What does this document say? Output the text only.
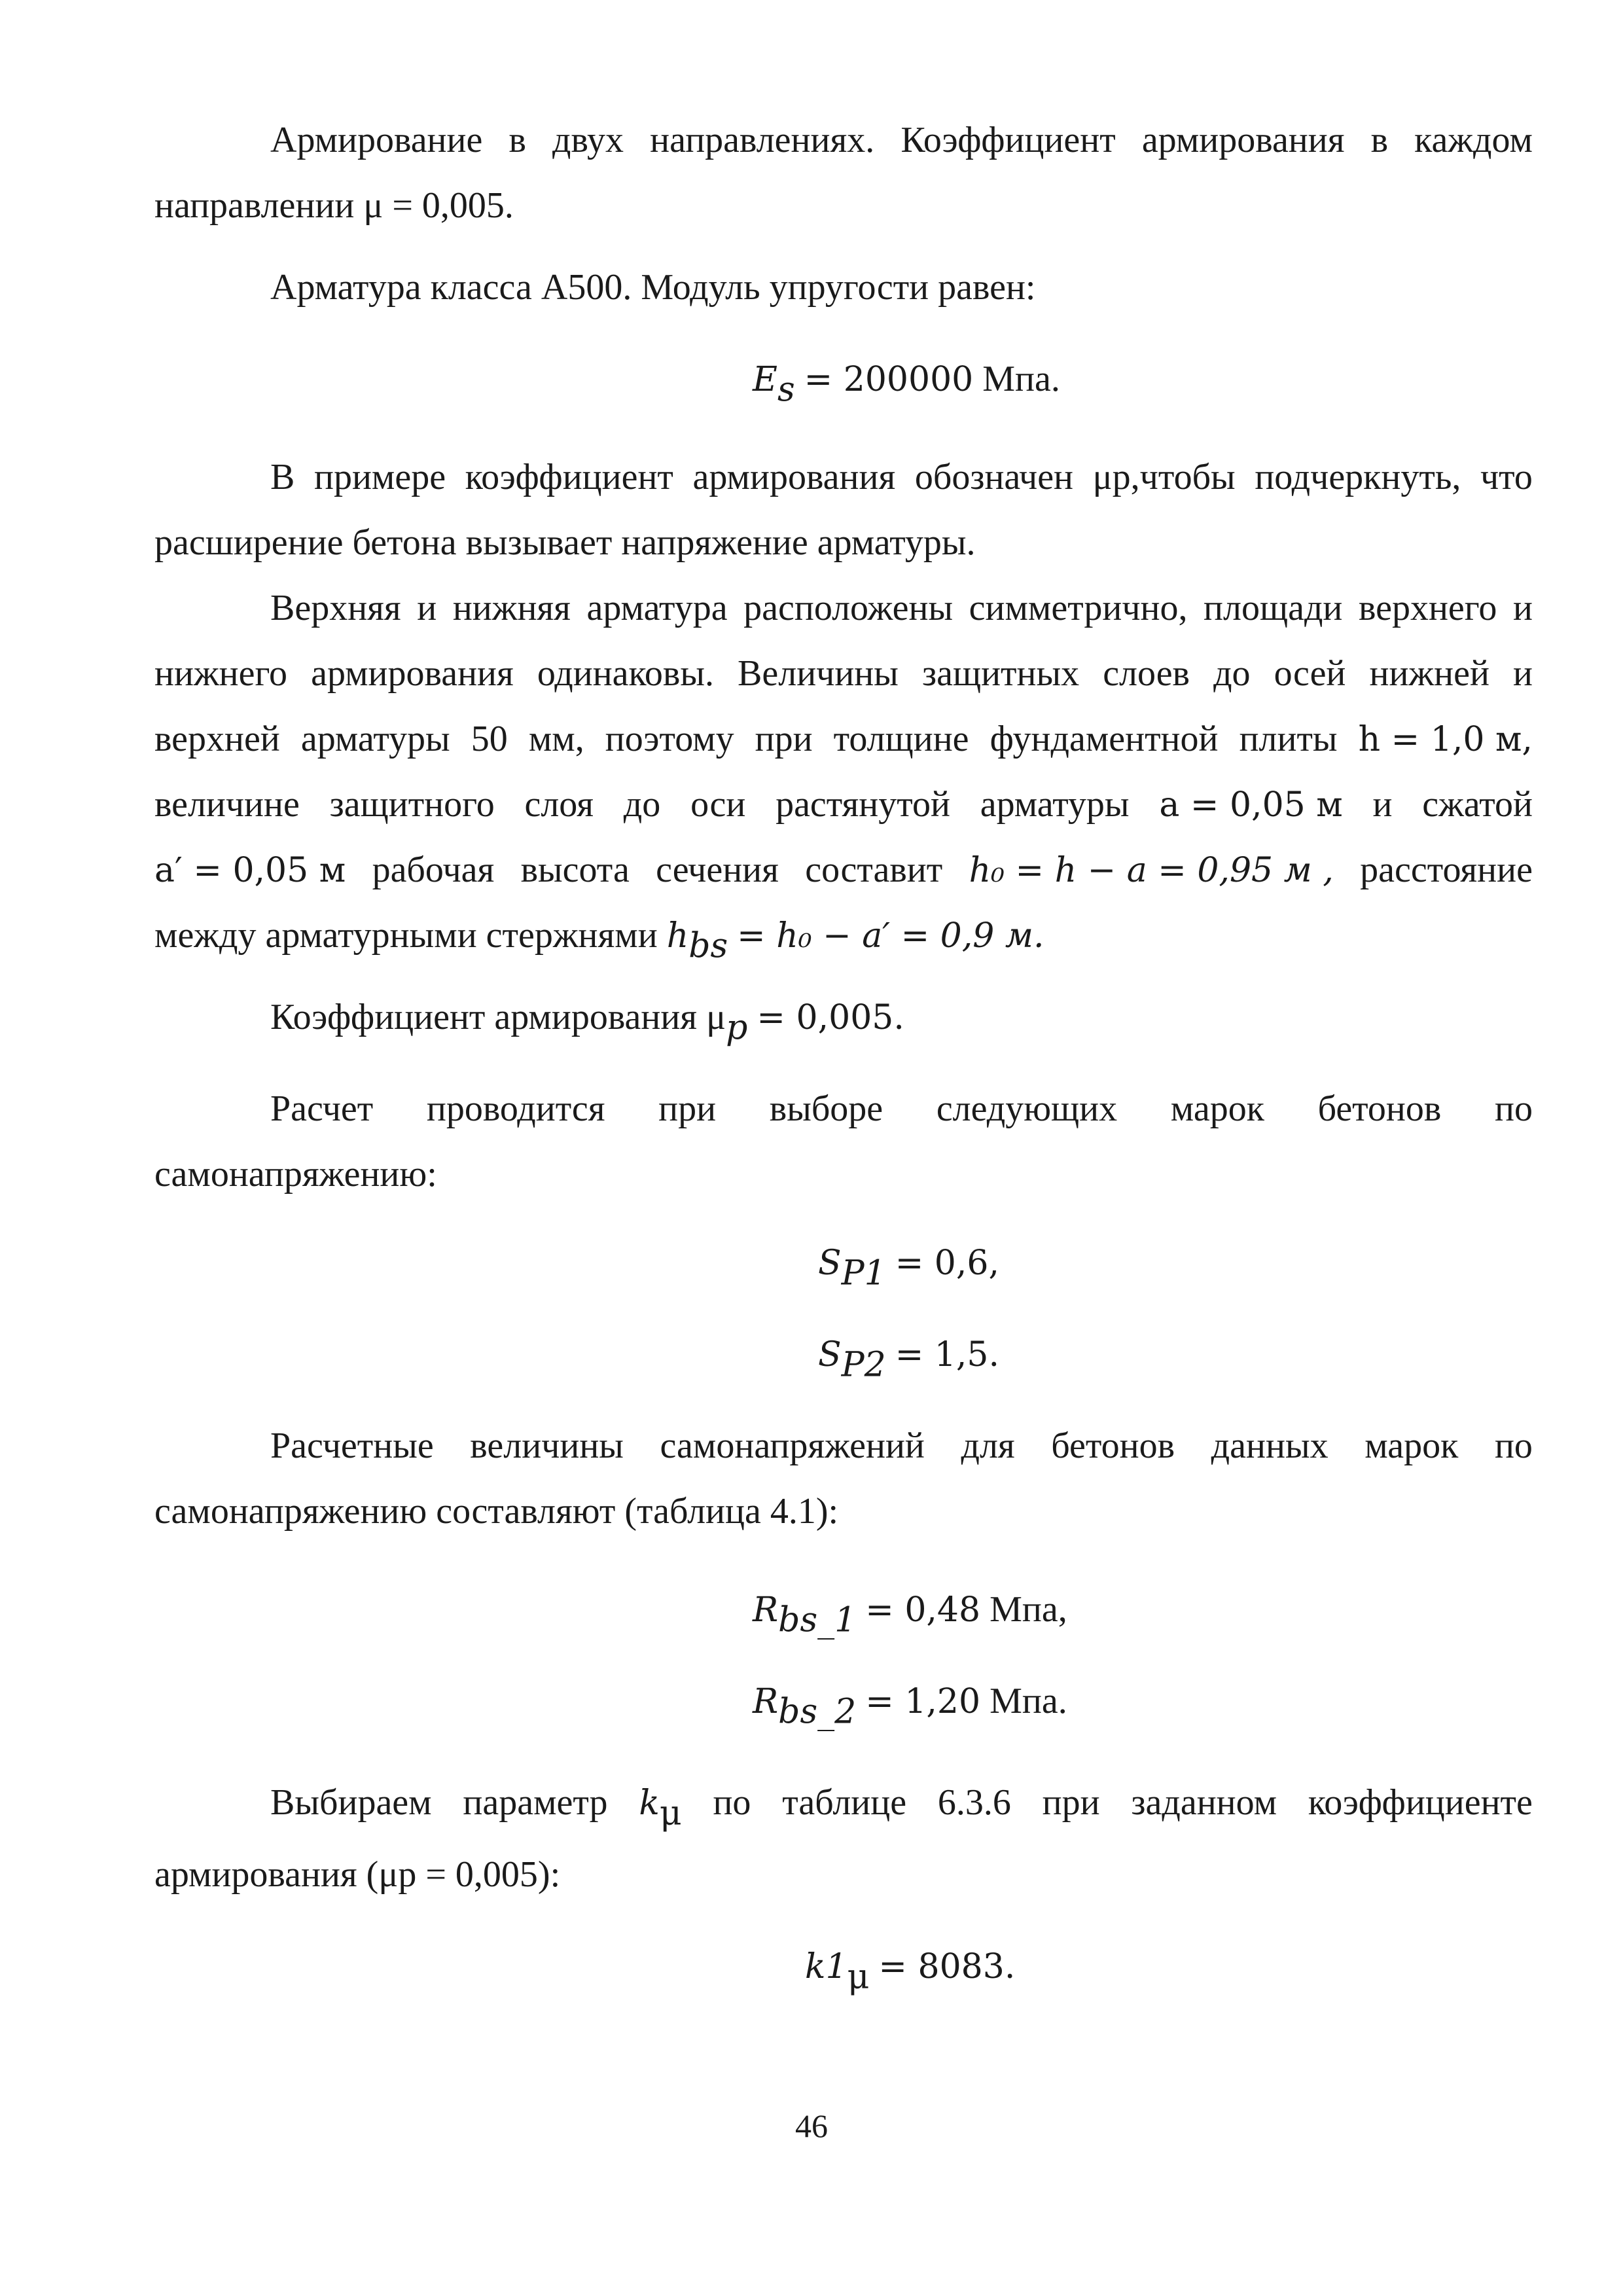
Армирование в двух направлениях. Коэффициент армирования в каждом
направлении μ = 0,005.
Арматура класса А500. Модуль упругости равен:
$E_s = 200000$ Мпа.
В примере коэффициент армирования обозначен μp,чтобы подчеркнуть, что
расширение бетона вызывает напряжение арматуры.
Верхняя и нижняя арматура расположены симметрично, площади верхнего и
нижнего армирования одинаковы. Величины защитных слоев до осей нижней и
верхней арматуры 50 мм, поэтому при толщине фундаментной плиты h = 1,0 м,
величине защитного слоя до оси растянутой арматуры a = 0,05 м и сжатой
a′ = 0,05 м рабочая высота сечения составит h₀ = h − a = 0,95 м , расстояние
между арматурными стержнями $h_{bs} = h_0 - a' = 0,9$ м.
Коэффициент армирования $\mu_p = 0,005$.
Расчет проводится при выборе следующих марок бетонов по
самонапряжению:
$S_{P1} = 0,6$,
$S_{P2} = 1,5$.
Расчетные величины самонапряжений для бетонов данных марок по
самонапряжению составляют (таблица 4.1):
$R_{bs\_1} = 0,48$ Мпа,
$R_{bs\_2} = 1,20$ Мпа.
Выбираем параметр $k_\mu$ по таблице 6.3.6 при заданном коэффициенте
армирования (μр = 0,005):
$k1_\mu = 8083$.
46
